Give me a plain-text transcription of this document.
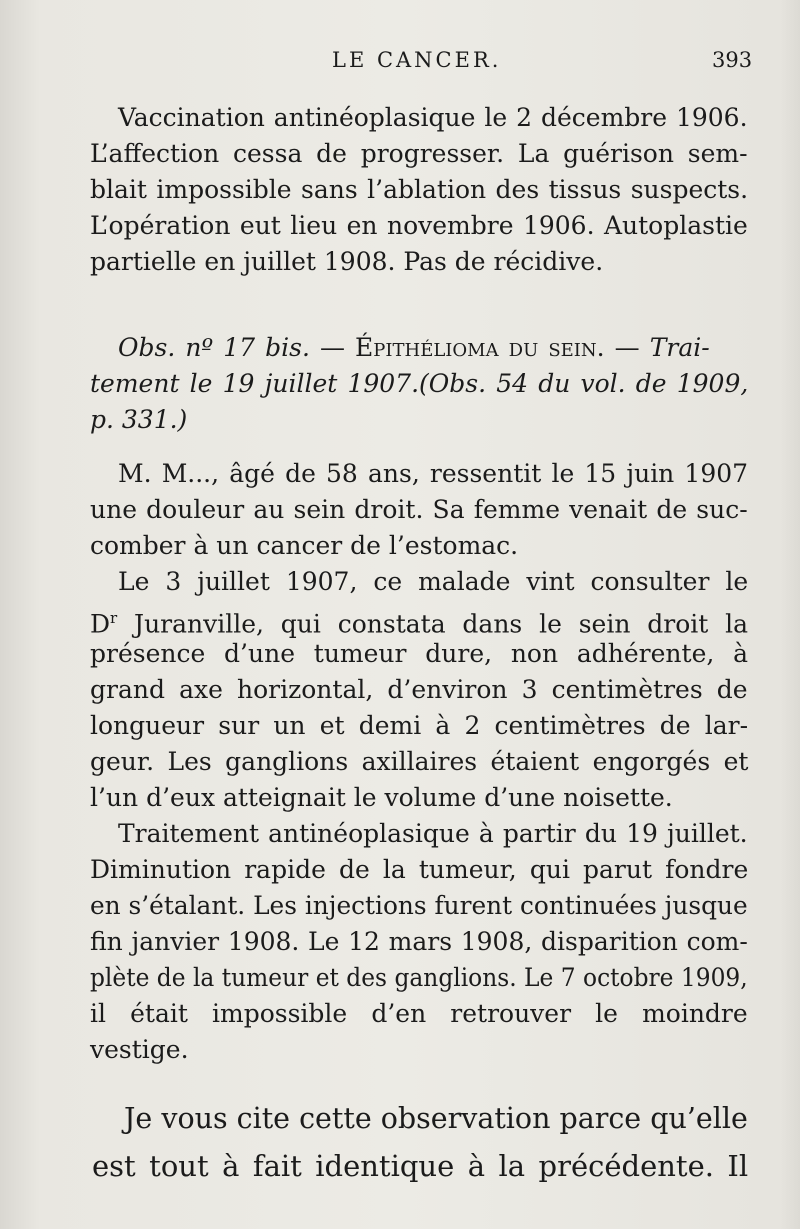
LE CANCER.	393
Vaccination antinéoplasique le 2 décembre 1906.
L’affection cessa de progresser. La guérison sem-
blait impossible sans l’ablation des tissus suspects.
L’opération eut lieu en novembre 1906. Autoplastie
partielle en juillet 1908. Pas de récidive.
Obs. nº 17 bis. — Épithélioma du sein. — Trai-
tement le 19 juillet 1907.(Obs. 54 du vol. de 1909,
p. 331.)
M. M..., âgé de 58 ans, ressentit le 15 juin 1907
une douleur au sein droit. Sa femme venait de suc-
comber à un cancer de l’estomac.
Le 3 juillet 1907, ce malade vint consulter le
$D^r$ Juranville, qui constata dans le sein droit la
présence d’une tumeur dure, non adhérente, à
grand axe horizontal, d’environ 3 centimètres de
longueur sur un et demi à 2 centimètres de lar-
geur. Les ganglions axillaires étaient engorgés et
l’un d’eux atteignait le volume d’une noisette.
Traitement antinéoplasique à partir du 19 juillet.
Diminution rapide de la tumeur, qui parut fondre
en s’étalant. Les injections furent continuées jusque
fin janvier 1908. Le 12 mars 1908, disparition com-
plète de la tumeur et des ganglions. Le 7 octobre 1909,
il était impossible d’en retrouver le moindre
vestige.
Je vous cite cette observation parce qu’elle
est tout à fait identique à la précédente. Il
